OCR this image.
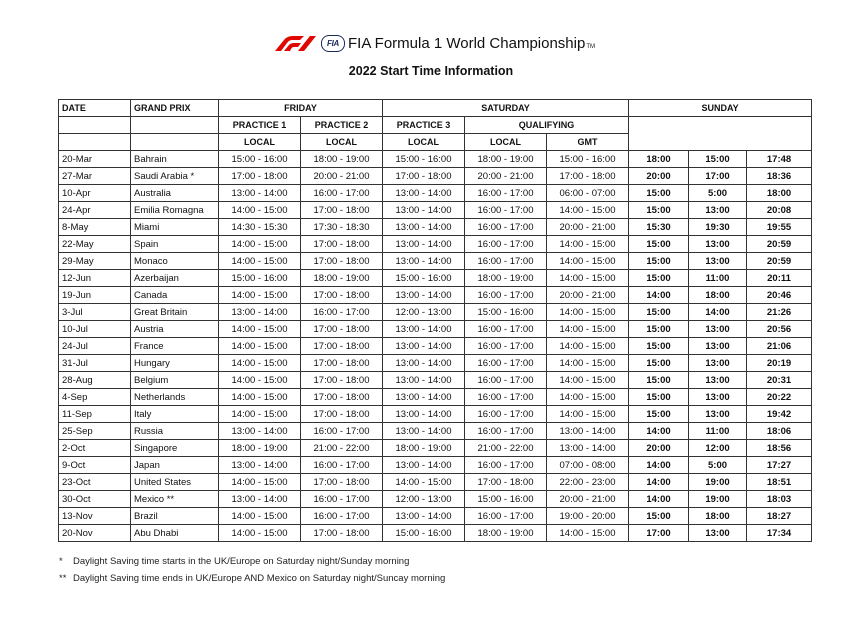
FIA FIA Formula 1 World ChampionshipTM
2022 Start Time Information
DATE	GRAND PRIX	FRIDAY		SATURDAY			SUNDAY		
		PRACTICE 1	PRACTICE 2	PRACTICE 3	QUALIFYING				
		LOCAL	LOCAL	LOCAL	LOCAL	GMT			
20-Mar	Bahrain	15:00 - 16:00	18:00 - 19:00	15:00 - 16:00	18:00 - 19:00	15:00 - 16:00	18:00	15:00	17:48
27-Mar	Saudi Arabia *	17:00 - 18:00	20:00 - 21:00	17:00 - 18:00	20:00 - 21:00	17:00 - 18:00	20:00	17:00	18:36
10-Apr	Australia	13:00 - 14:00	16:00 - 17:00	13:00 - 14:00	16:00 - 17:00	06:00 - 07:00	15:00	5:00	18:00
24-Apr	Emilia Romagna	14:00 - 15:00	17:00 - 18:00	13:00 - 14:00	16:00 - 17:00	14:00 - 15:00	15:00	13:00	20:08
8-May	Miami	14:30 - 15:30	17:30 - 18:30	13:00 - 14:00	16:00 - 17:00	20:00 - 21:00	15:30	19:30	19:55
22-May	Spain	14:00 - 15:00	17:00 - 18:00	13:00 - 14:00	16:00 - 17:00	14:00 - 15:00	15:00	13:00	20:59
29-May	Monaco	14:00 - 15:00	17:00 - 18:00	13:00 - 14:00	16:00 - 17:00	14:00 - 15:00	15:00	13:00	20:59
12-Jun	Azerbaijan	15:00 - 16:00	18:00 - 19:00	15:00 - 16:00	18:00 - 19:00	14:00 - 15:00	15:00	11:00	20:11
19-Jun	Canada	14:00 - 15:00	17:00 - 18:00	13:00 - 14:00	16:00 - 17:00	20:00 - 21:00	14:00	18:00	20:46
3-Jul	Great Britain	13:00 - 14:00	16:00 - 17:00	12:00 - 13:00	15:00 - 16:00	14:00 - 15:00	15:00	14:00	21:26
10-Jul	Austria	14:00 - 15:00	17:00 - 18:00	13:00 - 14:00	16:00 - 17:00	14:00 - 15:00	15:00	13:00	20:56
24-Jul	France	14:00 - 15:00	17:00 - 18:00	13:00 - 14:00	16:00 - 17:00	14:00 - 15:00	15:00	13:00	21:06
31-Jul	Hungary	14:00 - 15:00	17:00 - 18:00	13:00 - 14:00	16:00 - 17:00	14:00 - 15:00	15:00	13:00	20:19
28-Aug	Belgium	14:00 - 15:00	17:00 - 18:00	13:00 - 14:00	16:00 - 17:00	14:00 - 15:00	15:00	13:00	20:31
4-Sep	Netherlands	14:00 - 15:00	17:00 - 18:00	13:00 - 14:00	16:00 - 17:00	14:00 - 15:00	15:00	13:00	20:22
11-Sep	Italy	14:00 - 15:00	17:00 - 18:00	13:00 - 14:00	16:00 - 17:00	14:00 - 15:00	15:00	13:00	19:42
25-Sep	Russia	13:00 - 14:00	16:00 - 17:00	13:00 - 14:00	16:00 - 17:00	13:00 - 14:00	14:00	11:00	18:06
2-Oct	Singapore	18:00 - 19:00	21:00 - 22:00	18:00 - 19:00	21:00 - 22:00	13:00 - 14:00	20:00	12:00	18:56
9-Oct	Japan	13:00 - 14:00	16:00 - 17:00	13:00 - 14:00	16:00 - 17:00	07:00 - 08:00	14:00	5:00	17:27
23-Oct	United States	14:00 - 15:00	17:00 - 18:00	14:00 - 15:00	17:00 - 18:00	22:00 - 23:00	14:00	19:00	18:51
30-Oct	Mexico **	13:00 - 14:00	16:00 - 17:00	12:00 - 13:00	15:00 - 16:00	20:00 - 21:00	14:00	19:00	18:03
13-Nov	Brazil	14:00 - 15:00	16:00 - 17:00	13:00 - 14:00	16:00 - 17:00	19:00 - 20:00	15:00	18:00	18:27
20-Nov	Abu Dhabi	14:00 - 15:00	17:00 - 18:00	15:00 - 16:00	18:00 - 19:00	14:00 - 15:00	17:00	13:00	17:34
* Daylight Saving time starts in the UK/Europe on Saturday night/Sunday morning
** Daylight Saving time ends in UK/Europe AND Mexico on Saturday night/Suncay morning
